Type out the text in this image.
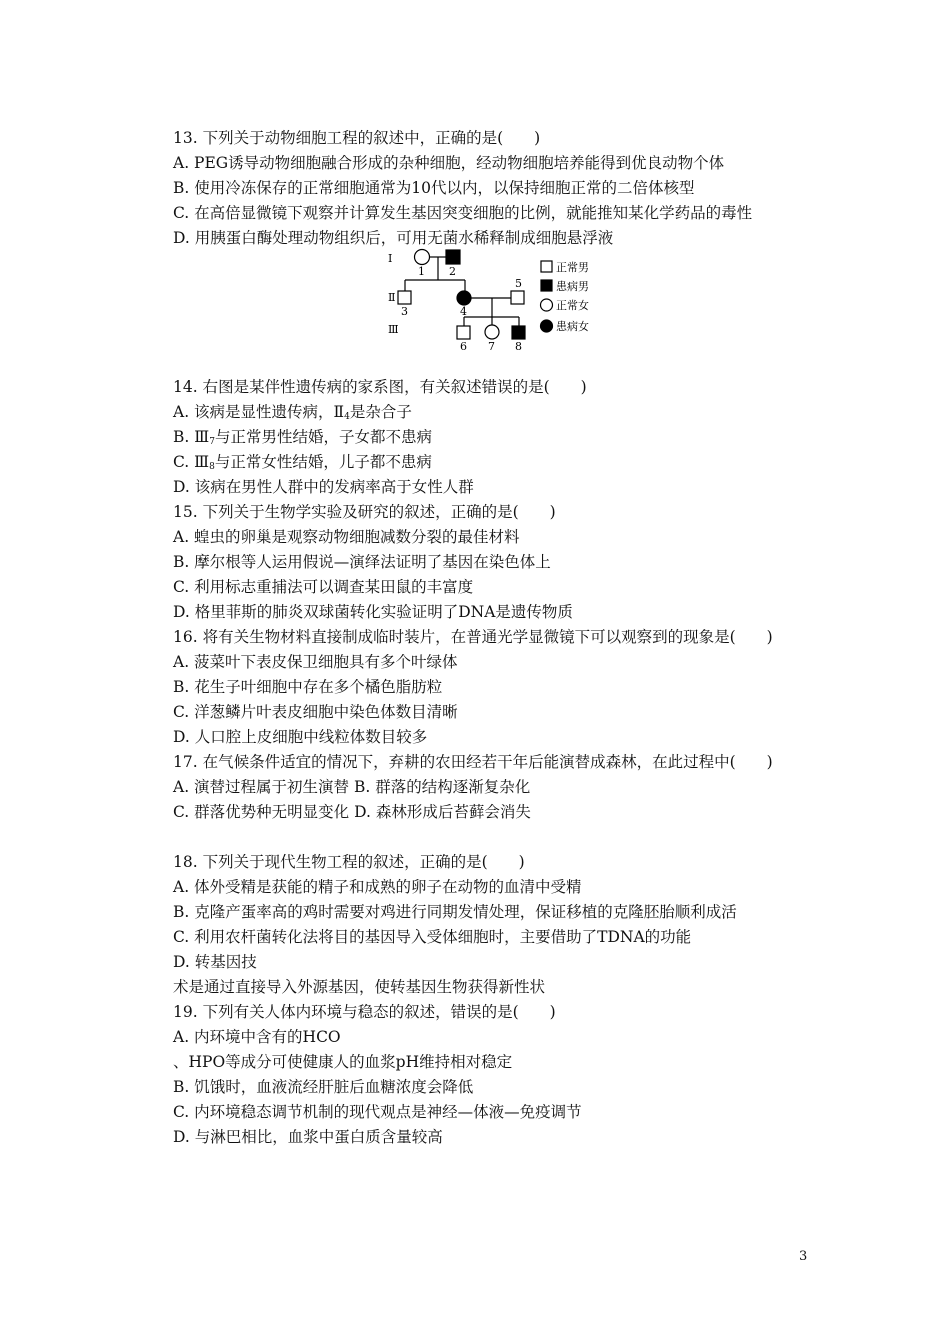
13. 下列关于动物细胞工程的叙述中，正确的是(　　)
A. PEG诱导动物细胞融合形成的杂种细胞，经动物细胞培养能得到优良动物个体
B. 使用冷冻保存的正常细胞通常为10代以内，以保持细胞正常的二倍体核型
C. 在高倍显微镜下观察并计算发生基因突变细胞的比例，就能推知某化学药品的毒性
D. 用胰蛋白酶处理动物组织后，可用无菌水稀释制成细胞悬浮液
Ⅰ
Ⅱ
Ⅲ
1 2
3	4
5
6 7 8
正常男
患病男
正常女
患病女
14. 右图是某伴性遗传病的家系图，有关叙述错误的是(　　)
A. 该病是显性遗传病，$Ⅱ_4$是杂合子
B. $Ⅲ_7$与正常男性结婚，子女都不患病
C. $Ⅲ_8$与正常女性结婚，儿子都不患病
D. 该病在男性人群中的发病率高于女性人群
15. 下列关于生物学实验及研究的叙述，正确的是(　　)
A. 蝗虫的卵巢是观察动物细胞减数分裂的最佳材料
B. 摩尔根等人运用假说—演绎法证明了基因在染色体上
C. 利用标志重捕法可以调查某田鼠的丰富度
D. 格里菲斯的肺炎双球菌转化实验证明了DNA是遗传物质
16. 将有关生物材料直接制成临时装片，在普通光学显微镜下可以观察到的现象是(　　)
A. 菠菜叶下表皮保卫细胞具有多个叶绿体
B. 花生子叶细胞中存在多个橘色脂肪粒
C. 洋葱鳞片叶表皮细胞中染色体数目清晰
D. 人口腔上皮细胞中线粒体数目较多
17. 在气候条件适宜的情况下，弃耕的农田经若干年后能演替成森林，在此过程中(　　)
A. 演替过程属于初生演替 B. 群落的结构逐渐复杂化
C. 群落优势种无明显变化 D. 森林形成后苔藓会消失
18. 下列关于现代生物工程的叙述，正确的是(　　)
A. 体外受精是获能的精子和成熟的卵子在动物的血清中受精
B. 克隆产蛋率高的鸡时需要对鸡进行同期发情处理，保证移植的克隆胚胎顺利成活
C. 利用农杆菌转化法将目的基因导入受体细胞时，主要借助了TDNA的功能
D. 转基因技
术是通过直接导入外源基因，使转基因生物获得新性状
19. 下列有关人体内环境与稳态的叙述，错误的是(　　)
A. 内环境中含有的HCO
、HPO等成分可使健康人的血浆pH维持相对稳定
B. 饥饿时，血液流经肝脏后血糖浓度会降低
C. 内环境稳态调节机制的现代观点是神经—体液—免疫调节
D. 与淋巴相比，血浆中蛋白质含量较高
3
